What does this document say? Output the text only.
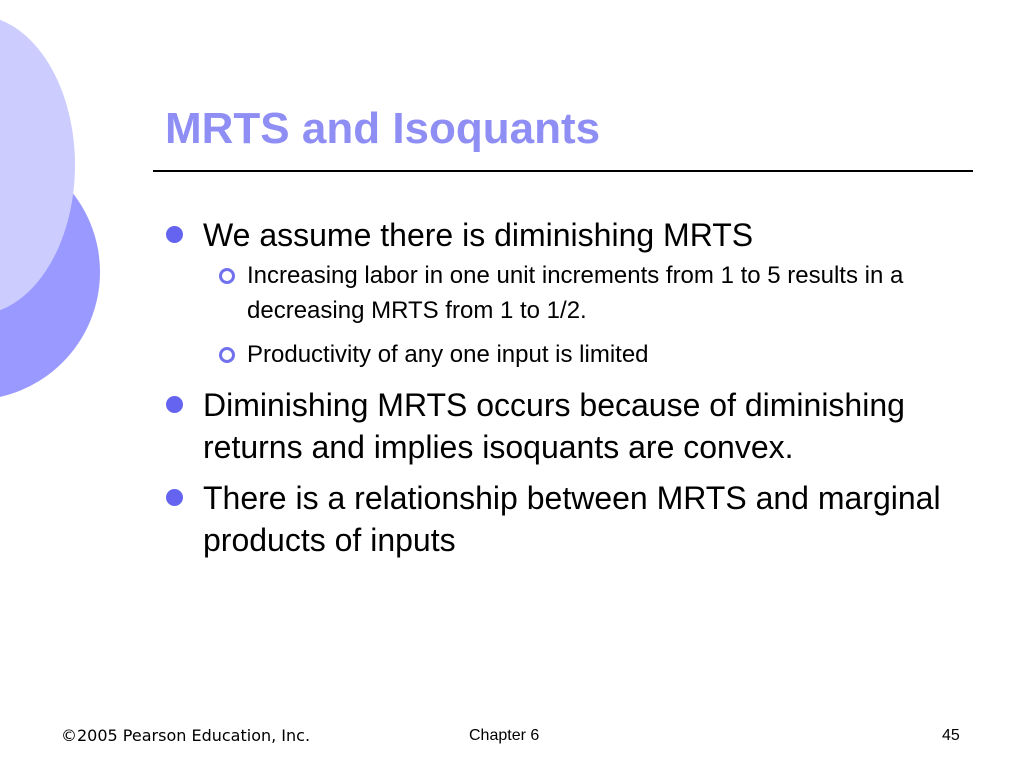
MRTS and Isoquants
We assume there is diminishing MRTS
Increasing labor in one unit increments from 1 to 5 results in a decreasing MRTS from 1 to 1/2.
Productivity of any one input is limited
Diminishing MRTS occurs because of diminishing returns and implies isoquants are convex.
There is a relationship between MRTS and marginal products of inputs
©2005 Pearson Education, Inc.	Chapter 6	45
